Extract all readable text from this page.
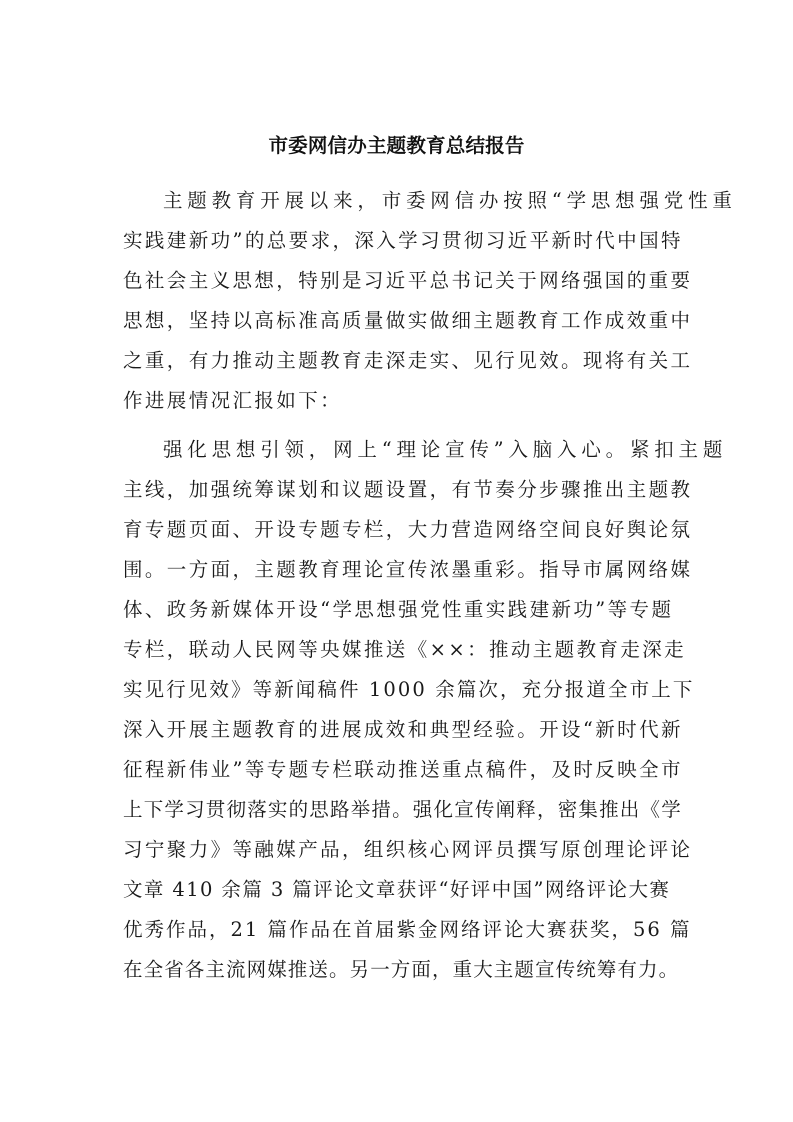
市委网信办主题教育总结报告
主题教育开展以来，市委网信办按照“学思想强党性重
实践建新功”的总要求，深入学习贯彻习近平新时代中国特
色社会主义思想，特别是习近平总书记关于网络强国的重要
思想，坚持以高标准高质量做实做细主题教育工作成效重中
之重，有力推动主题教育走深走实、见行见效。现将有关工
作进展情况汇报如下：
强化思想引领，网上“理论宣传”入脑入心。紧扣主题
主线，加强统筹谋划和议题设置，有节奏分步骤推出主题教
育专题页面、开设专题专栏，大力营造网络空间良好舆论氛
围。一方面，主题教育理论宣传浓墨重彩。指导市属网络媒
体、政务新媒体开设“学思想强党性重实践建新功”等专题
专栏，联动人民网等央媒推送《××：推动主题教育走深走
实见行见效》等新闻稿件 1000 余篇次，充分报道全市上下
深入开展主题教育的进展成效和典型经验。开设“新时代新
征程新伟业”等专题专栏联动推送重点稿件，及时反映全市
上下学习贯彻落实的思路举措。强化宣传阐释，密集推出《学
习宁聚力》等融媒产品，组织核心网评员撰写原创理论评论
文章 410 余篇 3 篇评论文章获评“好评中国”网络评论大赛
优秀作品，21 篇作品在首届紫金网络评论大赛获奖，56 篇
在全省各主流网媒推送。另一方面，重大主题宣传统筹有力。
